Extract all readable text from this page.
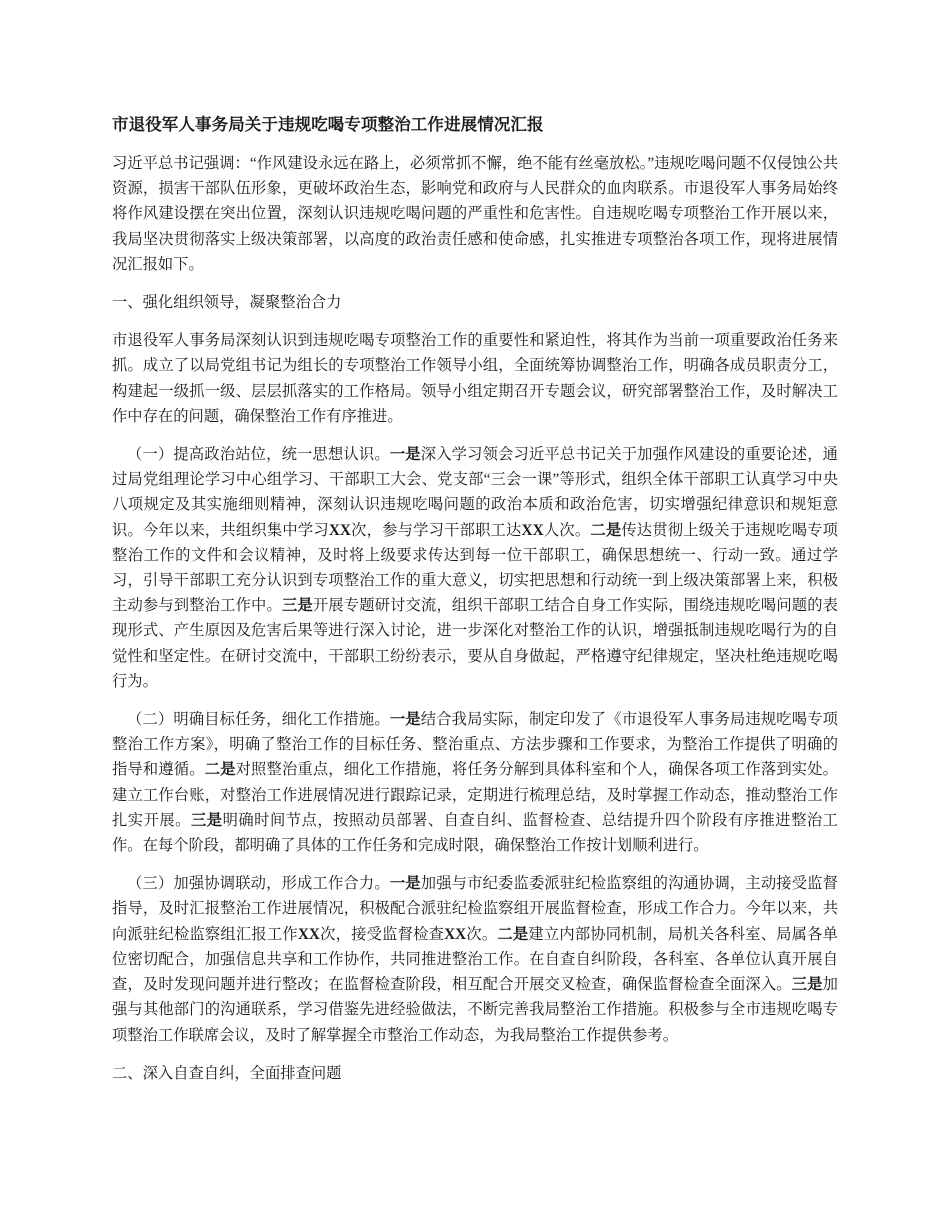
市退役军人事务局关于违规吃喝专项整治工作进展情况汇报

习近平总书记强调：“作风建设永远在路上，必须常抓不懈，绝不能有丝毫放松。”违规吃喝问题不仅侵蚀公共资源，损害干部队伍形象，更破坏政治生态，影响党和政府与人民群众的血肉联系。市退役军人事务局始终将作风建设摆在突出位置，深刻认识违规吃喝问题的严重性和危害性。自违规吃喝专项整治工作开展以来，我局坚决贯彻落实上级决策部署，以高度的政治责任感和使命感，扎实推进专项整治各项工作，现将进展情况汇报如下。

一、强化组织领导，凝聚整治合力

市退役军人事务局深刻认识到违规吃喝专项整治工作的重要性和紧迫性，将其作为当前一项重要政治任务来抓。成立了以局党组书记为组长的专项整治工作领导小组，全面统筹协调整治工作，明确各成员职责分工，构建起一级抓一级、层层抓落实的工作格局。领导小组定期召开专题会议，研究部署整治工作，及时解决工作中存在的问题，确保整治工作有序推进。

（一）提高政治站位，统一思想认识。一是深入学习领会习近平总书记关于加强作风建设的重要论述，通过局党组理论学习中心组学习、干部职工大会、党支部“三会一课”等形式，组织全体干部职工认真学习中央八项规定及其实施细则精神，深刻认识违规吃喝问题的政治本质和政治危害，切实增强纪律意识和规矩意识。今年以来，共组织集中学习XX次，参与学习干部职工达XX人次。二是传达贯彻上级关于违规吃喝专项整治工作的文件和会议精神，及时将上级要求传达到每一位干部职工，确保思想统一、行动一致。通过学习，引导干部职工充分认识到专项整治工作的重大意义，切实把思想和行动统一到上级决策部署上来，积极主动参与到整治工作中。三是开展专题研讨交流，组织干部职工结合自身工作实际，围绕违规吃喝问题的表现形式、产生原因及危害后果等进行深入讨论，进一步深化对整治工作的认识，增强抵制违规吃喝行为的自觉性和坚定性。在研讨交流中，干部职工纷纷表示，要从自身做起，严格遵守纪律规定，坚决杜绝违规吃喝行为。

（二）明确目标任务，细化工作措施。一是结合我局实际，制定印发了《市退役军人事务局违规吃喝专项整治工作方案》，明确了整治工作的目标任务、整治重点、方法步骤和工作要求，为整治工作提供了明确的指导和遵循。二是对照整治重点，细化工作措施，将任务分解到具体科室和个人，确保各项工作落到实处。建立工作台账，对整治工作进展情况进行跟踪记录，定期进行梳理总结，及时掌握工作动态，推动整治工作扎实开展。三是明确时间节点，按照动员部署、自查自纠、监督检查、总结提升四个阶段有序推进整治工作。在每个阶段，都明确了具体的工作任务和完成时限，确保整治工作按计划顺利进行。

（三）加强协调联动，形成工作合力。一是加强与市纪委监委派驻纪检监察组的沟通协调，主动接受监督指导，及时汇报整治工作进展情况，积极配合派驻纪检监察组开展监督检查，形成工作合力。今年以来，共向派驻纪检监察组汇报工作XX次，接受监督检查XX次。二是建立内部协同机制，局机关各科室、局属各单位密切配合，加强信息共享和工作协作，共同推进整治工作。在自查自纠阶段，各科室、各单位认真开展自查，及时发现问题并进行整改；在监督检查阶段，相互配合开展交叉检查，确保监督检查全面深入。三是加强与其他部门的沟通联系，学习借鉴先进经验做法，不断完善我局整治工作措施。积极参与全市违规吃喝专项整治工作联席会议，及时了解掌握全市整治工作动态，为我局整治工作提供参考。

二、深入自查自纠，全面排查问题
